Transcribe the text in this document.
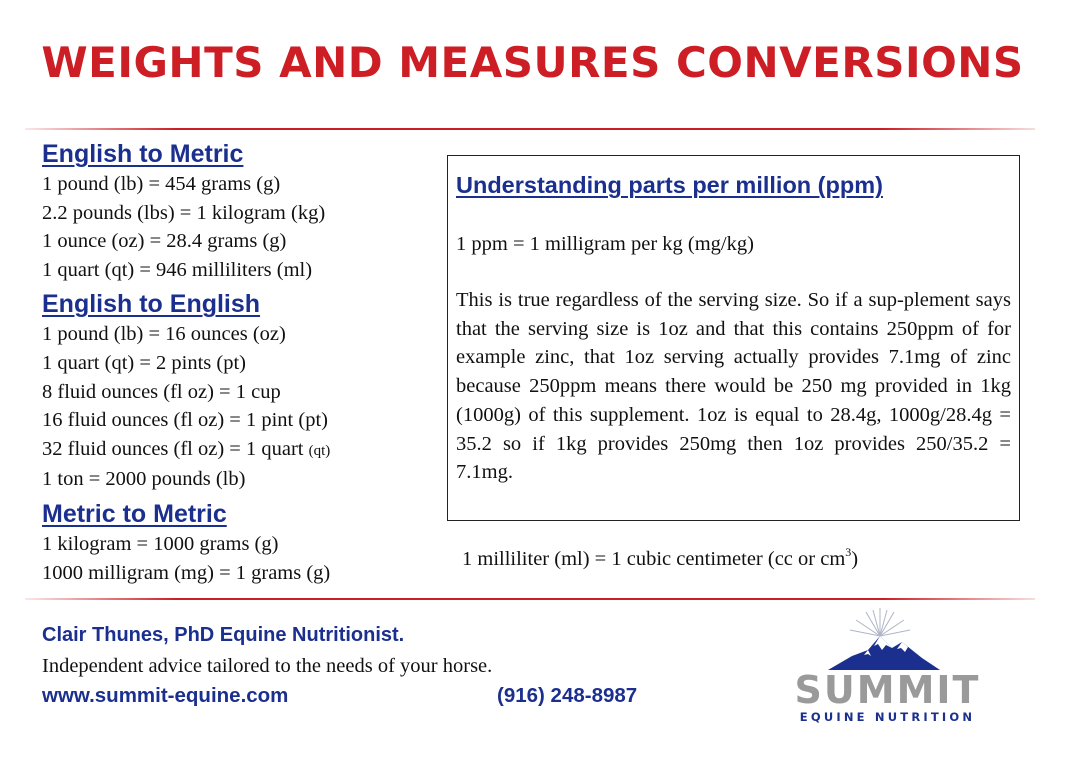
WEIGHTS AND MEASURES CONVERSIONS
English to Metric
1 pound (lb) = 454 grams (g)
2.2 pounds (lbs) = 1 kilogram (kg)
1 ounce (oz) = 28.4 grams (g)
1 quart (qt) = 946 milliliters (ml)
English to English
1 pound (lb) = 16 ounces (oz)
1 quart (qt) = 2 pints (pt)
8 fluid ounces (fl oz) = 1 cup
16 fluid ounces (fl oz) = 1 pint (pt)
32 fluid ounces (fl oz) = 1 quart (qt)
1 ton = 2000 pounds (lb)
Metric to Metric
1 kilogram = 1000 grams (g)
1000 milligram (mg) = 1 grams (g)
Understanding parts per million (ppm)

1 ppm = 1 milligram per kg (mg/kg)

This is true regardless of the serving size. So if a sup-plement says that the serving size is 1oz and that this contains 250ppm of for example zinc, that 1oz serving actually provides 7.1mg of zinc because 250ppm means there would be 250 mg provided in 1kg (1000g) of this supplement. 1oz is equal to 28.4g, 1000g/28.4g = 35.2 so if 1kg provides 250mg then 1oz provides 250/35.2 = 7.1mg.

1 milliliter (ml) = 1 cubic centimeter (cc or $cm^3$)
Clair Thunes, PhD Equine Nutritionist.
Independent advice tailored to the needs of your horse.
www.summit-equine.com	(916) 248-8987	SUMMIT
EQUINE NUTRITION
